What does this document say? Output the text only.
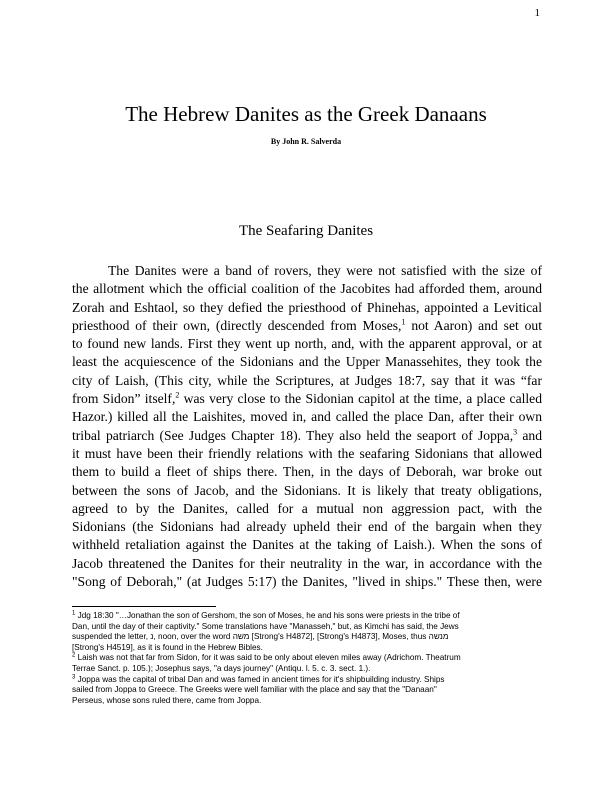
1
The Hebrew Danites as the Greek Danaans
By John R. Salverda
The Seafaring Danites
The Danites were a band of rovers, they were not satisfied with the size of
the allotment which the official coalition of the Jacobites had afforded them, around
Zorah and Eshtaol, so they defied the priesthood of Phinehas, appointed a Levitical
priesthood of their own, (directly descended from Moses,$^1$ not Aaron) and set out
to found new lands. First they went up north, and, with the apparent approval, or at
least the acquiescence of the Sidonians and the Upper Manassehites, they took the
city of Laish, (This city, while the Scriptures, at Judges 18:7, say that it was “far
from Sidon” itself,$^2$ was very close to the Sidonian capitol at the time, a place called
Hazor.) killed all the Laishites, moved in, and called the place Dan, after their own
tribal patriarch (See Judges Chapter 18). They also held the seaport of Joppa,$^3$ and
it must have been their friendly relations with the seafaring Sidonians that allowed
them to build a fleet of ships there. Then, in the days of Deborah, war broke out
between the sons of Jacob, and the Sidonians. It is likely that treaty obligations,
agreed to by the Danites, called for a mutual non aggression pact, with the
Sidonians (the Sidonians had already upheld their end of the bargain when they
withheld retaliation against the Danites at the taking of Laish.). When the sons of
Jacob threatened the Danites for their neutrality in the war, in accordance with the
"Song of Deborah," (at Judges 5:17) the Danites, "lived in ships." These then, were
$^1$ Jdg 18:30 "…Jonathan the son of Gershom, the son of Moses, he and his sons were priests in the tribe of
Dan, until the day of their captivity." Some translations have "Manasseh," but, as Kimchi has said, the Jews
suspended the letter, נ, noon, over the word משה [Strong's H4872], [Strong's H4873], Moses, thus מנשה
[Strong's H4519], as it is found in the Hebrew Bibles.
$^2$ Laish was not that far from Sidon, for it was said to be only about eleven miles away (Adrichom. Theatrum
Terrae Sanct. p. 105.); Josephus says, "a days journey" (Antiqu. l. 5. c. 3. sect. 1.).
$^3$ Joppa was the capital of tribal Dan and was famed in ancient times for it's shipbuilding industry. Ships
sailed from Joppa to Greece. The Greeks were well familiar with the place and say that the "Danaan"
Perseus, whose sons ruled there, came from Joppa.
